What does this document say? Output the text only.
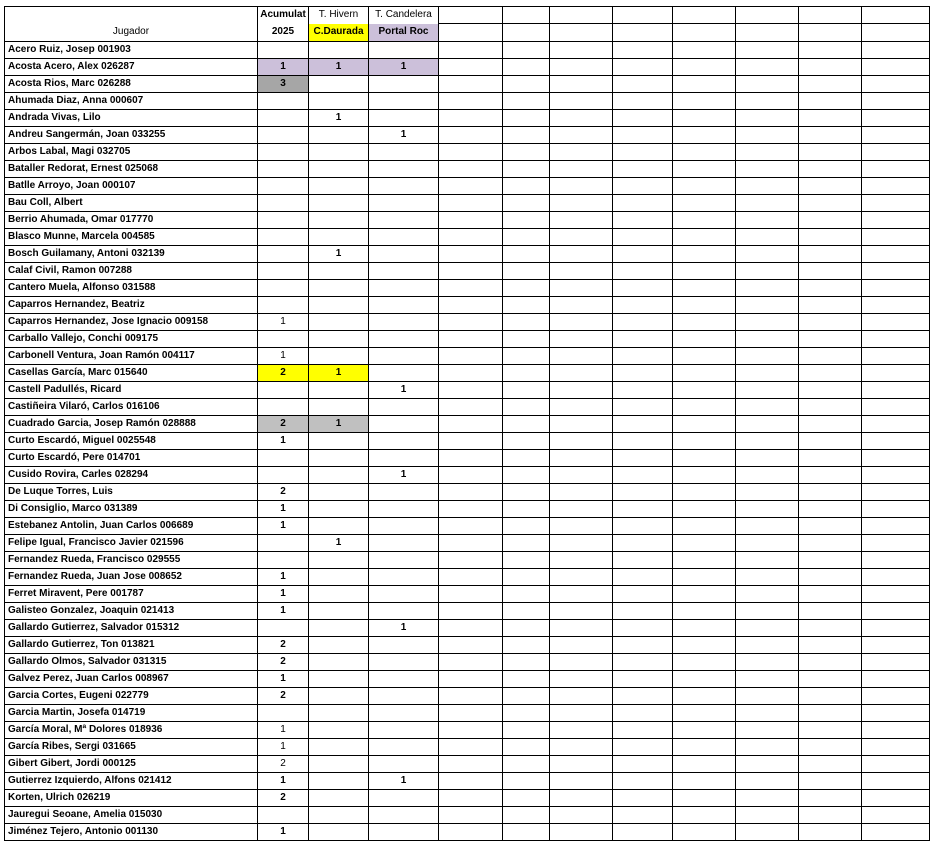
	Acumulat	T. Hivern	T. Candelera								
Jugador	2025	C.Daurada	Portal Roc								
Acero Ruiz, Josep 001903											
Acosta Acero, Alex 026287	1	1	1								
Acosta Rios, Marc 026288	3										
Ahumada Diaz, Anna 000607											
Andrada Vivas, Lilo		1									
Andreu Sangermán, Joan 033255			1								
Arbos Labal, Magi 032705											
Bataller Redorat, Ernest 025068											
Batlle Arroyo, Joan 000107											
Bau Coll, Albert											
Berrio Ahumada, Omar 017770											
Blasco Munne, Marcela 004585											
Bosch Guilamany, Antoni 032139		1									
Calaf Civil, Ramon 007288											
Cantero Muela, Alfonso 031588											
Caparros Hernandez, Beatriz											
Caparros Hernandez, Jose Ignacio 009158	1										
Carballo Vallejo, Conchi 009175											
Carbonell Ventura, Joan Ramón 004117	1										
Casellas García, Marc 015640	2	1									
Castell Padullés, Ricard			1								
Castiñeira Vilaró, Carlos 016106											
Cuadrado Garcia, Josep Ramón 028888	2	1									
Curto Escardó, Miguel 0025548	1										
Curto Escardó, Pere 014701											
Cusido Rovira, Carles 028294			1								
De Luque Torres, Luis	2										
Di Consiglio, Marco 031389	1										
Estebanez Antolin, Juan Carlos 006689	1										
Felipe Igual, Francisco Javier 021596		1									
Fernandez Rueda, Francisco 029555											
Fernandez Rueda, Juan Jose 008652	1										
Ferret Miravent, Pere 001787	1										
Galisteo Gonzalez, Joaquin 021413	1										
Gallardo Gutierrez, Salvador 015312			1								
Gallardo Gutierrez, Ton 013821	2										
Gallardo Olmos, Salvador 031315	2										
Galvez Perez, Juan Carlos 008967	1										
Garcia Cortes, Eugeni 022779	2										
Garcia Martin, Josefa 014719											
García Moral, Mª Dolores 018936	1										
García Ribes, Sergi 031665	1										
Gibert Gibert, Jordi 000125	2										
Gutierrez Izquierdo, Alfons 021412	1		1								
Korten, Ulrich 026219	2										
Jauregui Seoane, Amelia 015030											
Jiménez Tejero, Antonio 001130	1										
